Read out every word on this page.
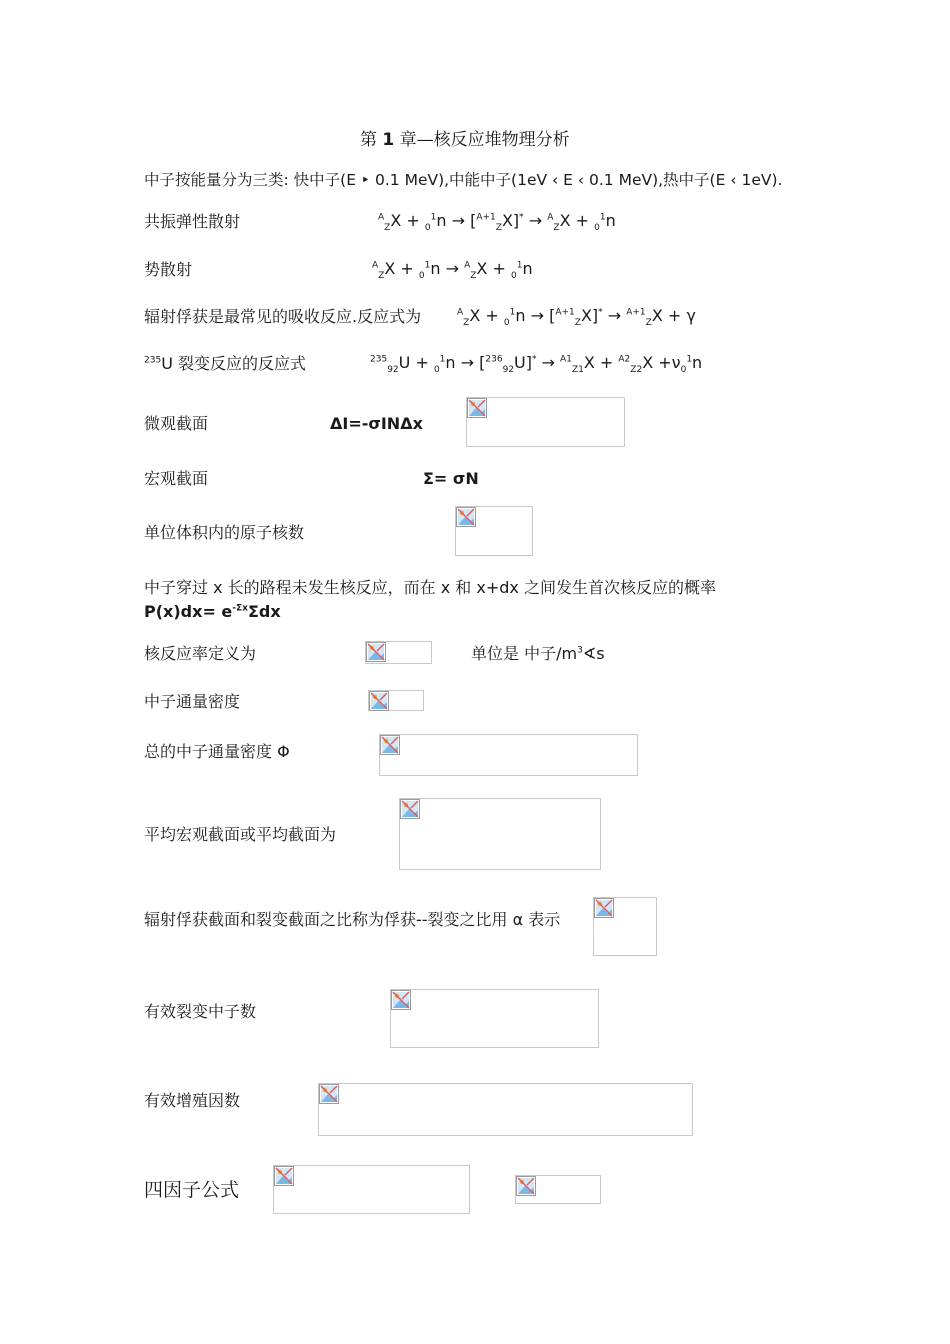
第 1 章—核反应堆物理分析
中子按能量分为三类: 快中子(E ‣ 0.1 MeV),中能中子(1eV ‹ E ‹ 0.1 MeV),热中子(E ‹ 1eV).
共振弹性散射	$^A_Z$X + $_0^1$n → [$^{A+1}_Z$X]* → $^A_Z$X + $_0^1$n
势散射	$^A_Z$X + $_0^1$n → $^A_Z$X + $_0^1$n
辐射俘获是最常见的吸收反应.反应式为	$^A_Z$X + $_0^1$n → [$^{A+1}_Z$X]* → $^{A+1}_Z$X + γ
$^{235}$U 裂变反应的反应式	$^{235}_{92}U + _0^1n \to [^{236}_{92}U]^* \to ^{A1}_{Z1}X + ^{A2}_{Z2}X +\nu_0^1n$
微观截面	ΔI=-σIΝΔx
宏观截面	Σ= σN
单位体积内的原子核数
中子穿过 x 长的路程未发生核反应，而在 x 和 x+dx 之间发生首次核反应的概率
$P(x)dx= e^{-\Sigma x}\Sigma dx$
核反应率定义为	单位是 中子$∕m^3∢s$
中子通量密度
总的中子通量密度 Φ
平均宏观截面或平均截面为
辐射俘获截面和裂变截面之比称为俘获--裂变之比用 α 表示
有效裂变中子数
有效增殖因数
四因子公式
